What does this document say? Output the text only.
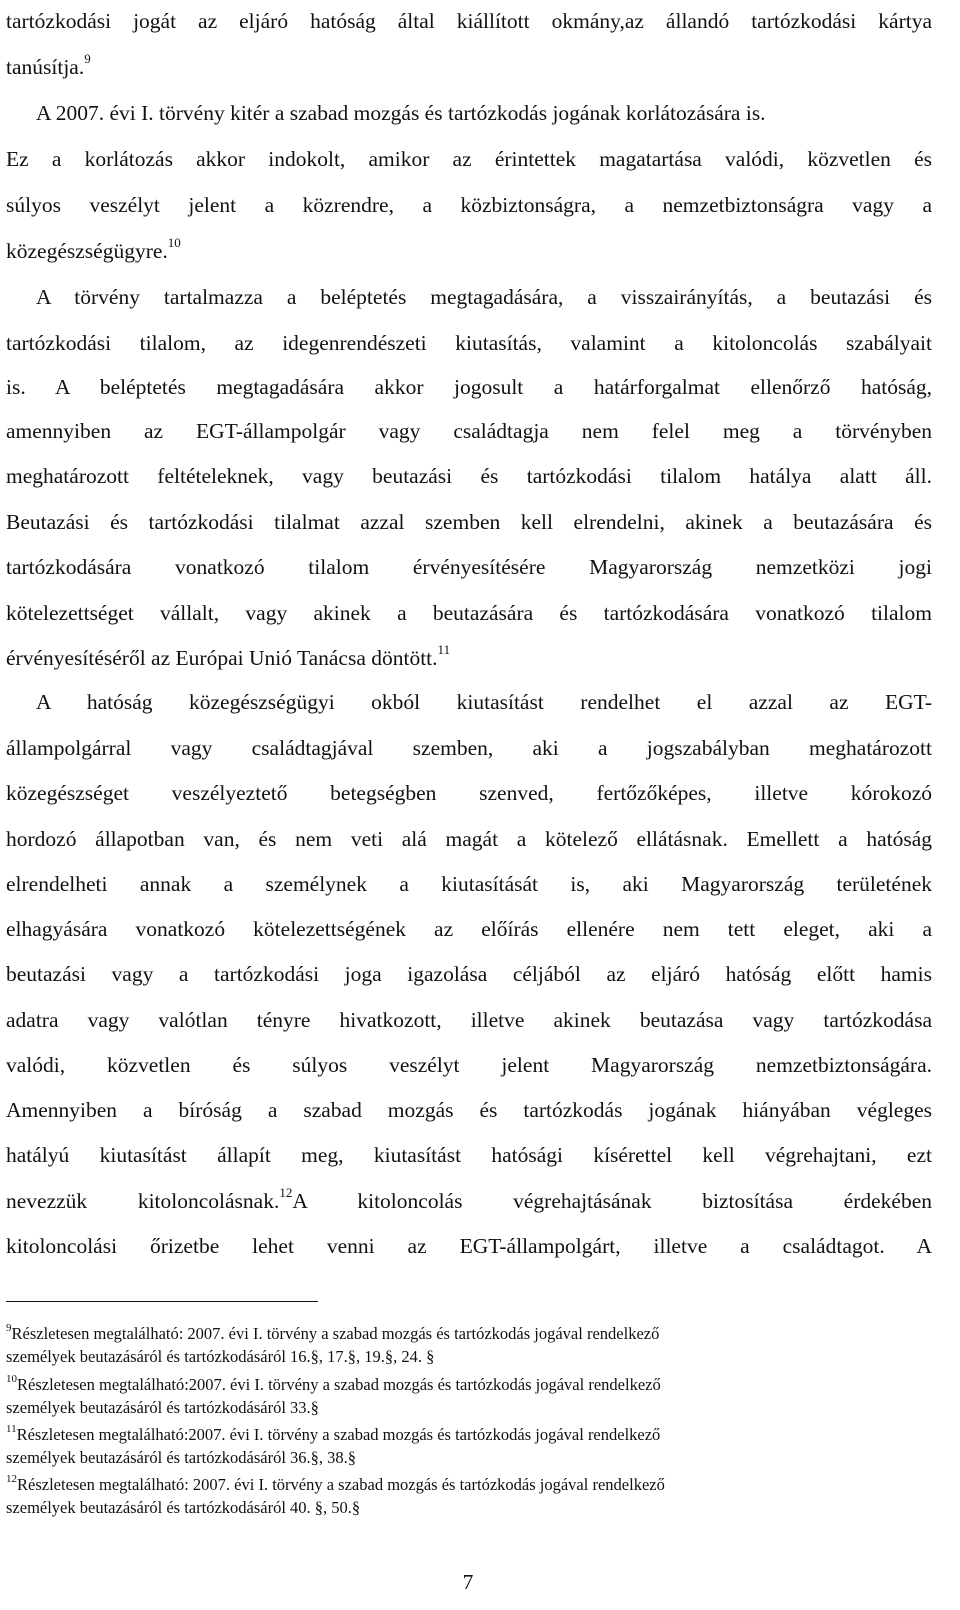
tartózkodási jogát az eljáró hatóság által kiállított okmány,az állandó tartózkodási kártya
tanúsítja.$^9$
A 2007. évi I. törvény kitér a szabad mozgás és tartózkodás jogának korlátozására is.
Ez a korlátozás akkor indokolt, amikor az érintettek magatartása valódi, közvetlen és
súlyos veszélyt jelent a közrendre, a közbiztonságra, a nemzetbiztonságra vagy a
közegészségügyre.$^{10}$
A törvény tartalmazza a beléptetés megtagadására, a visszairányítás, a beutazási és
tartózkodási tilalom, az idegenrendészeti kiutasítás, valamint a kitoloncolás szabályait
is. A beléptetés megtagadására akkor jogosult a határforgalmat ellenőrző hatóság,
amennyiben az EGT-állampolgár vagy családtagja nem felel meg a törvényben
meghatározott feltételeknek, vagy beutazási és tartózkodási tilalom hatálya alatt áll.
Beutazási és tartózkodási tilalmat azzal szemben kell elrendelni, akinek a beutazására és
tartózkodására vonatkozó tilalom érvényesítésére Magyarország nemzetközi jogi
kötelezettséget vállalt, vagy akinek a beutazására és tartózkodására vonatkozó tilalom
érvényesítéséről az Európai Unió Tanácsa döntött.$^{11}$
A hatóság közegészségügyi okból kiutasítást rendelhet el azzal az EGT-
állampolgárral vagy családtagjával szemben, aki a jogszabályban meghatározott
közegészséget veszélyeztető betegségben szenved, fertőzőképes, illetve kórokozó
hordozó állapotban van, és nem veti alá magát a kötelező ellátásnak. Emellett a hatóság
elrendelheti annak a személynek a kiutasítását is, aki Magyarország területének
elhagyására vonatkozó kötelezettségének az előírás ellenére nem tett eleget, aki a
beutazási vagy a tartózkodási joga igazolása céljából az eljáró hatóság előtt hamis
adatra vagy valótlan tényre hivatkozott, illetve akinek beutazása vagy tartózkodása
valódi, közvetlen és súlyos veszélyt jelent Magyarország nemzetbiztonságára.
Amennyiben a bíróság a szabad mozgás és tartózkodás jogának hiányában végleges
hatályú kiutasítást állapít meg, kiutasítást hatósági kísérettel kell végrehajtani, ezt
nevezzük kitoloncolásnak.$^{12}$A kitoloncolás végrehajtásának biztosítása érdekében
kitoloncolási őrizetbe lehet venni az EGT-állampolgárt, illetve a családtagot. A
$^9$Részletesen megtalálható: 2007. évi I. törvény a szabad mozgás és tartózkodás jogával rendelkező
személyek beutazásáról és tartózkodásáról 16.§, 17.§, 19.§, 24. §
$^{10}$Részletesen megtalálható:2007. évi I. törvény a szabad mozgás és tartózkodás jogával rendelkező
személyek beutazásáról és tartózkodásáról 33.§
$^{11}$Részletesen megtalálható:2007. évi I. törvény a szabad mozgás és tartózkodás jogával rendelkező
személyek beutazásáról és tartózkodásáról 36.§, 38.§
$^{12}$Részletesen megtalálható: 2007. évi I. törvény a szabad mozgás és tartózkodás jogával rendelkező
személyek beutazásáról és tartózkodásáról 40. §, 50.§
7
